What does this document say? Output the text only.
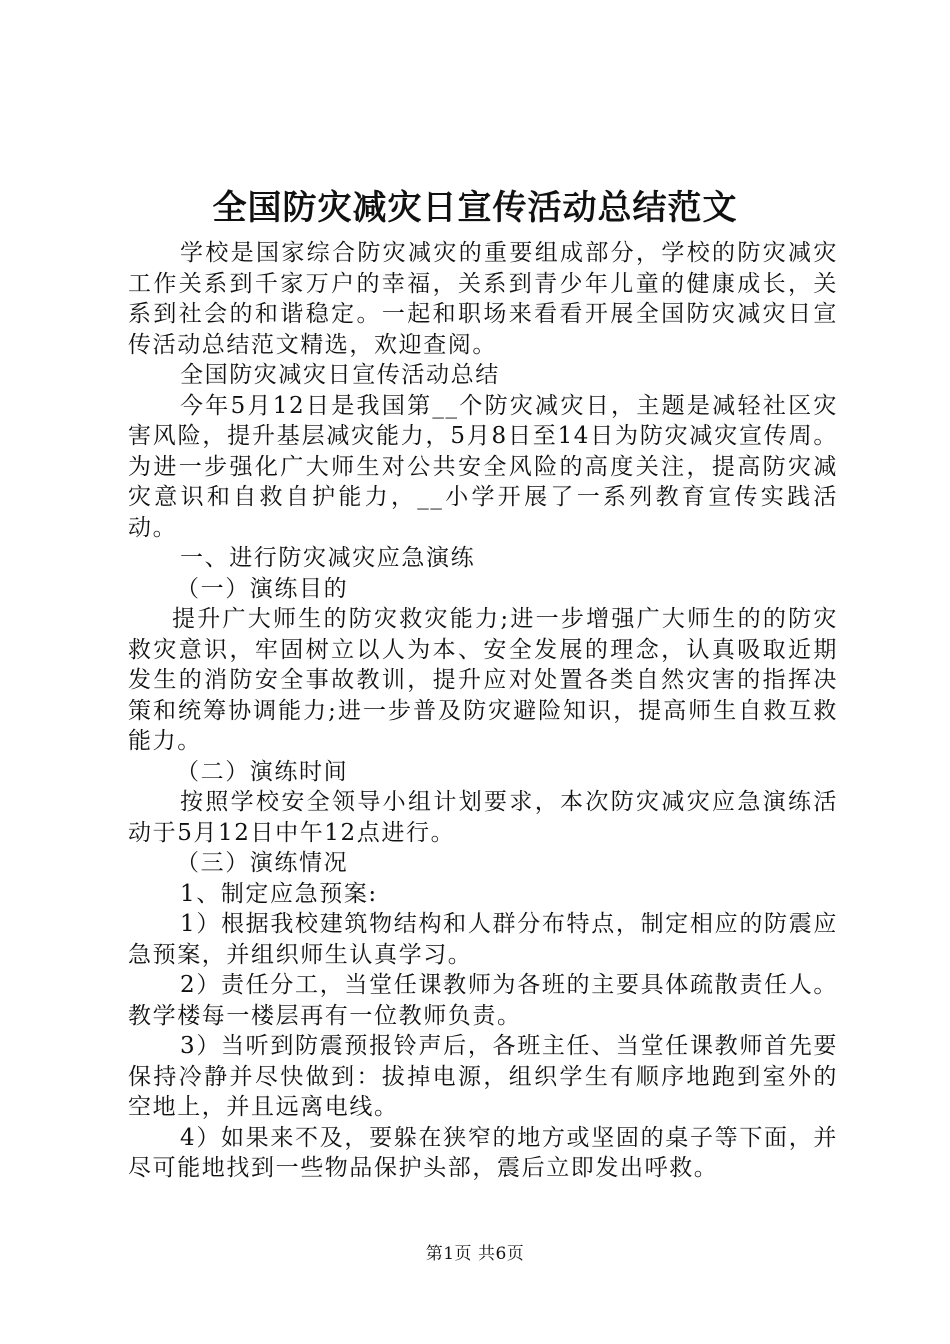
全国防灾减灾日宣传活动总结范文

学校是国家综合防灾减灾的重要组成部分，学校的防灾减灾工作关系到千家万户的幸福，关系到青少年儿童的健康成长，关系到社会的和谐稳定。一起和职场来看看开展全国防灾减灾日宣传活动总结范文精选，欢迎查阅。

全国防灾减灾日宣传活动总结

今年5月12日是我国第__个防灾减灾日，主题是减轻社区灾害风险，提升基层减灾能力，5月8日至14日为防灾减灾宣传周。为进一步强化广大师生对公共安全风险的高度关注，提高防灾减灾意识和自救自护能力，__小学开展了一系列教育宣传实践活动。

一、进行防灾减灾应急演练

（一）演练目的

提升广大师生的防灾救灾能力;进一步增强广大师生的的防灾救灾意识，牢固树立以人为本、安全发展的理念，认真吸取近期发生的消防安全事故教训，提升应对处置各类自然灾害的指挥决策和统筹协调能力;进一步普及防灾避险知识，提高师生自救互救能力。

（二）演练时间

按照学校安全领导小组计划要求，本次防灾减灾应急演练活动于5月12日中午12点进行。

（三）演练情况

1、制定应急预案:

1）根据我校建筑物结构和人群分布特点，制定相应的防震应急预案，并组织师生认真学习。

2）责任分工，当堂任课教师为各班的主要具体疏散责任人。教学楼每一楼层再有一位教师负责。

3）当听到防震预报铃声后，各班主任、当堂任课教师首先要保持冷静并尽快做到：拔掉电源，组织学生有顺序地跑到室外的空地上，并且远离电线。

4）如果来不及，要躲在狭窄的地方或坚固的桌子等下面，并尽可能地找到一些物品保护头部，震后立即发出呼救。

第1页 共6页
